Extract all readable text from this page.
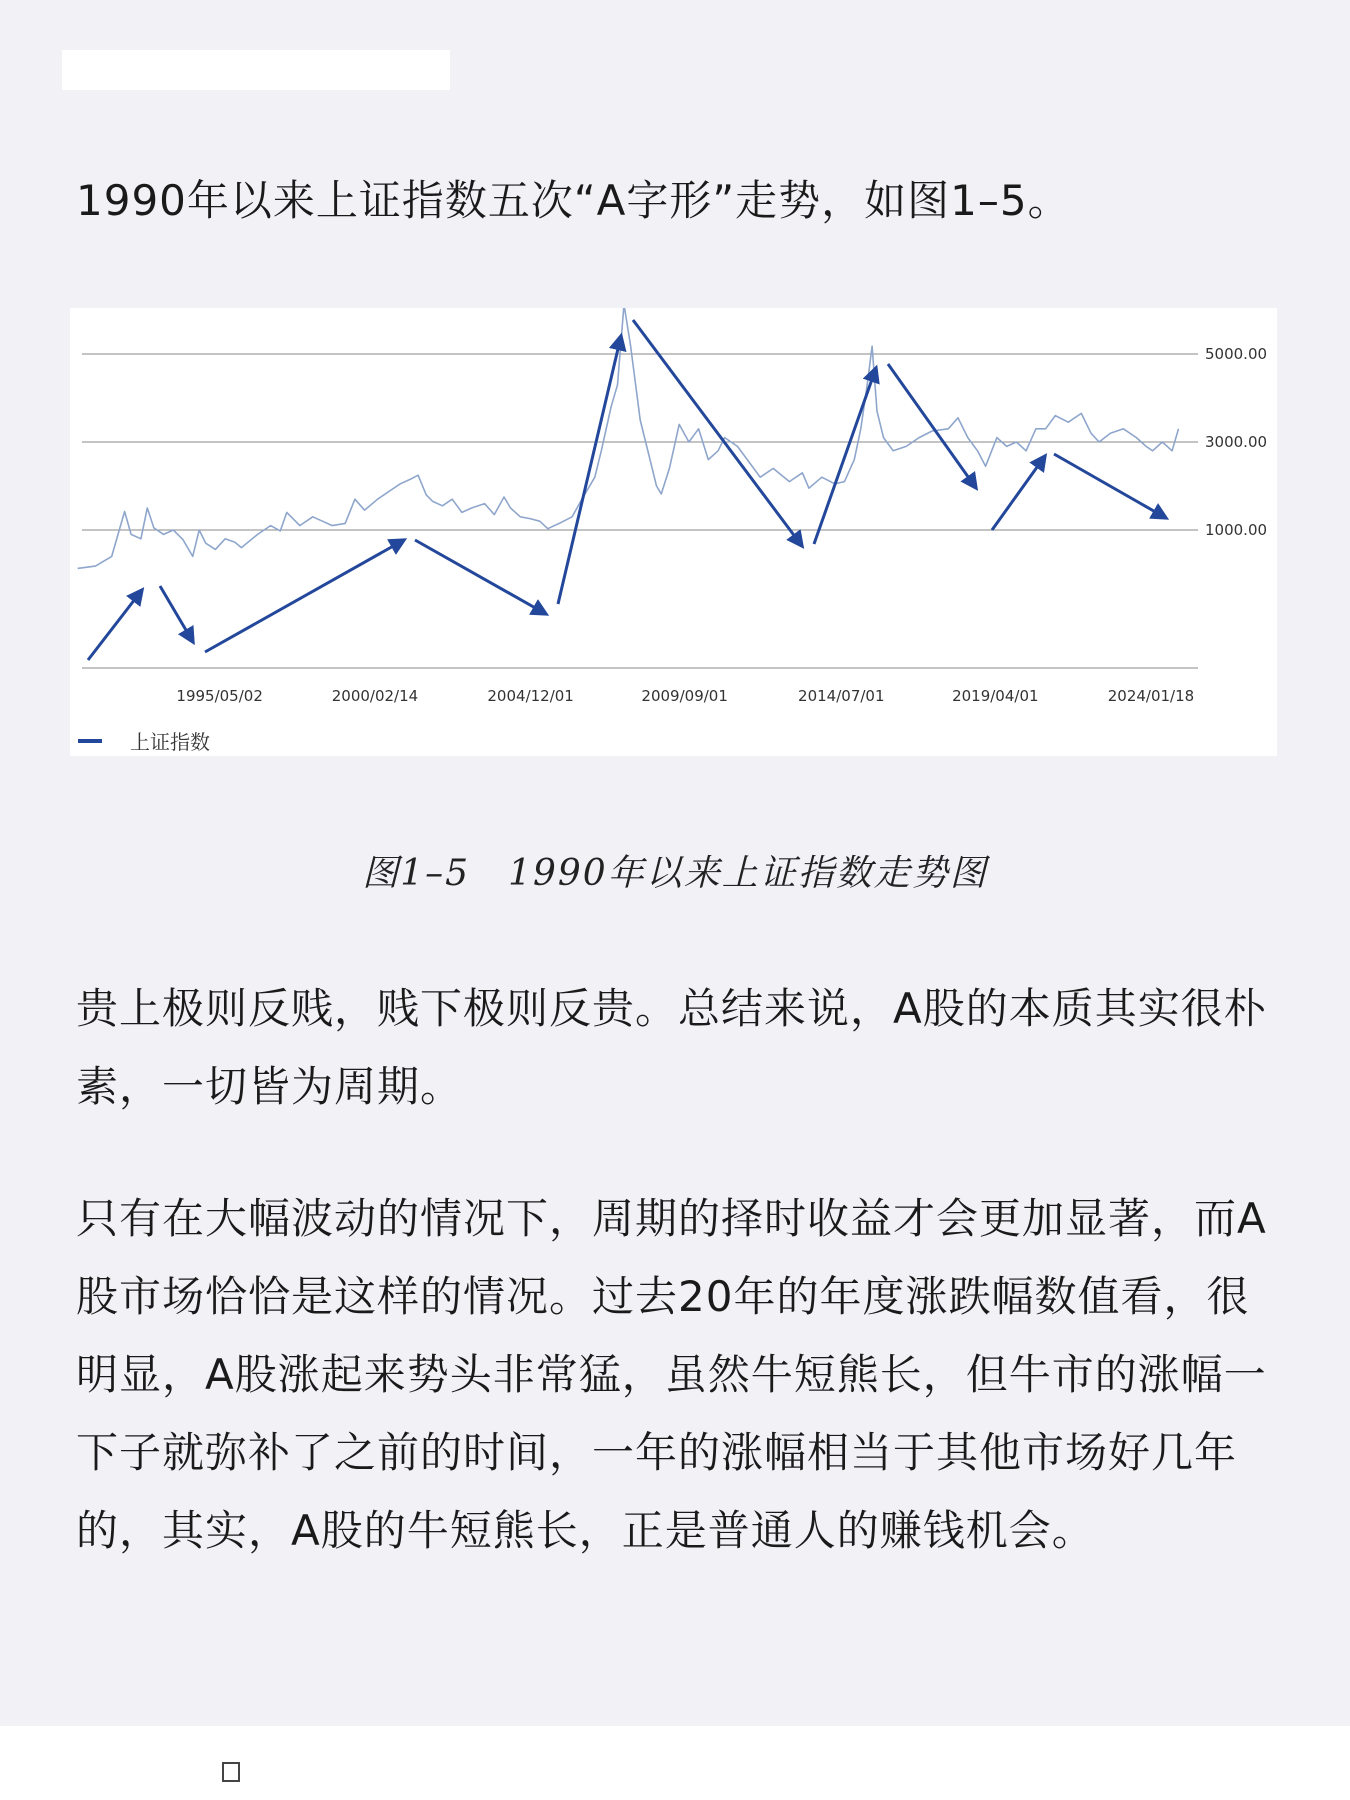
1990年以来上证指数五次“A字形”走势，如图1–5。

1000.00
3000.00
5000.00
1995/05/02	2000/02/14	2004/12/01	2009/09/01	2014/07/01	2019/04/01	2024/01/18
上证指数
图1–5　1990年以来上证指数走势图

贵上极则反贱，贱下极则反贵。总结来说，A股的本质其实很朴素，一切皆为周期。

只有在大幅波动的情况下，周期的择时收益才会更加显著，而A股市场恰恰是这样的情况。过去20年的年度涨跌幅数值看，很明显，A股涨起来势头非常猛，虽然牛短熊长，但牛市的涨幅一下子就弥补了之前的时间，一年的涨幅相当于其他市场好几年的，其实，A股的牛短熊长，正是普通人的赚钱机会。
